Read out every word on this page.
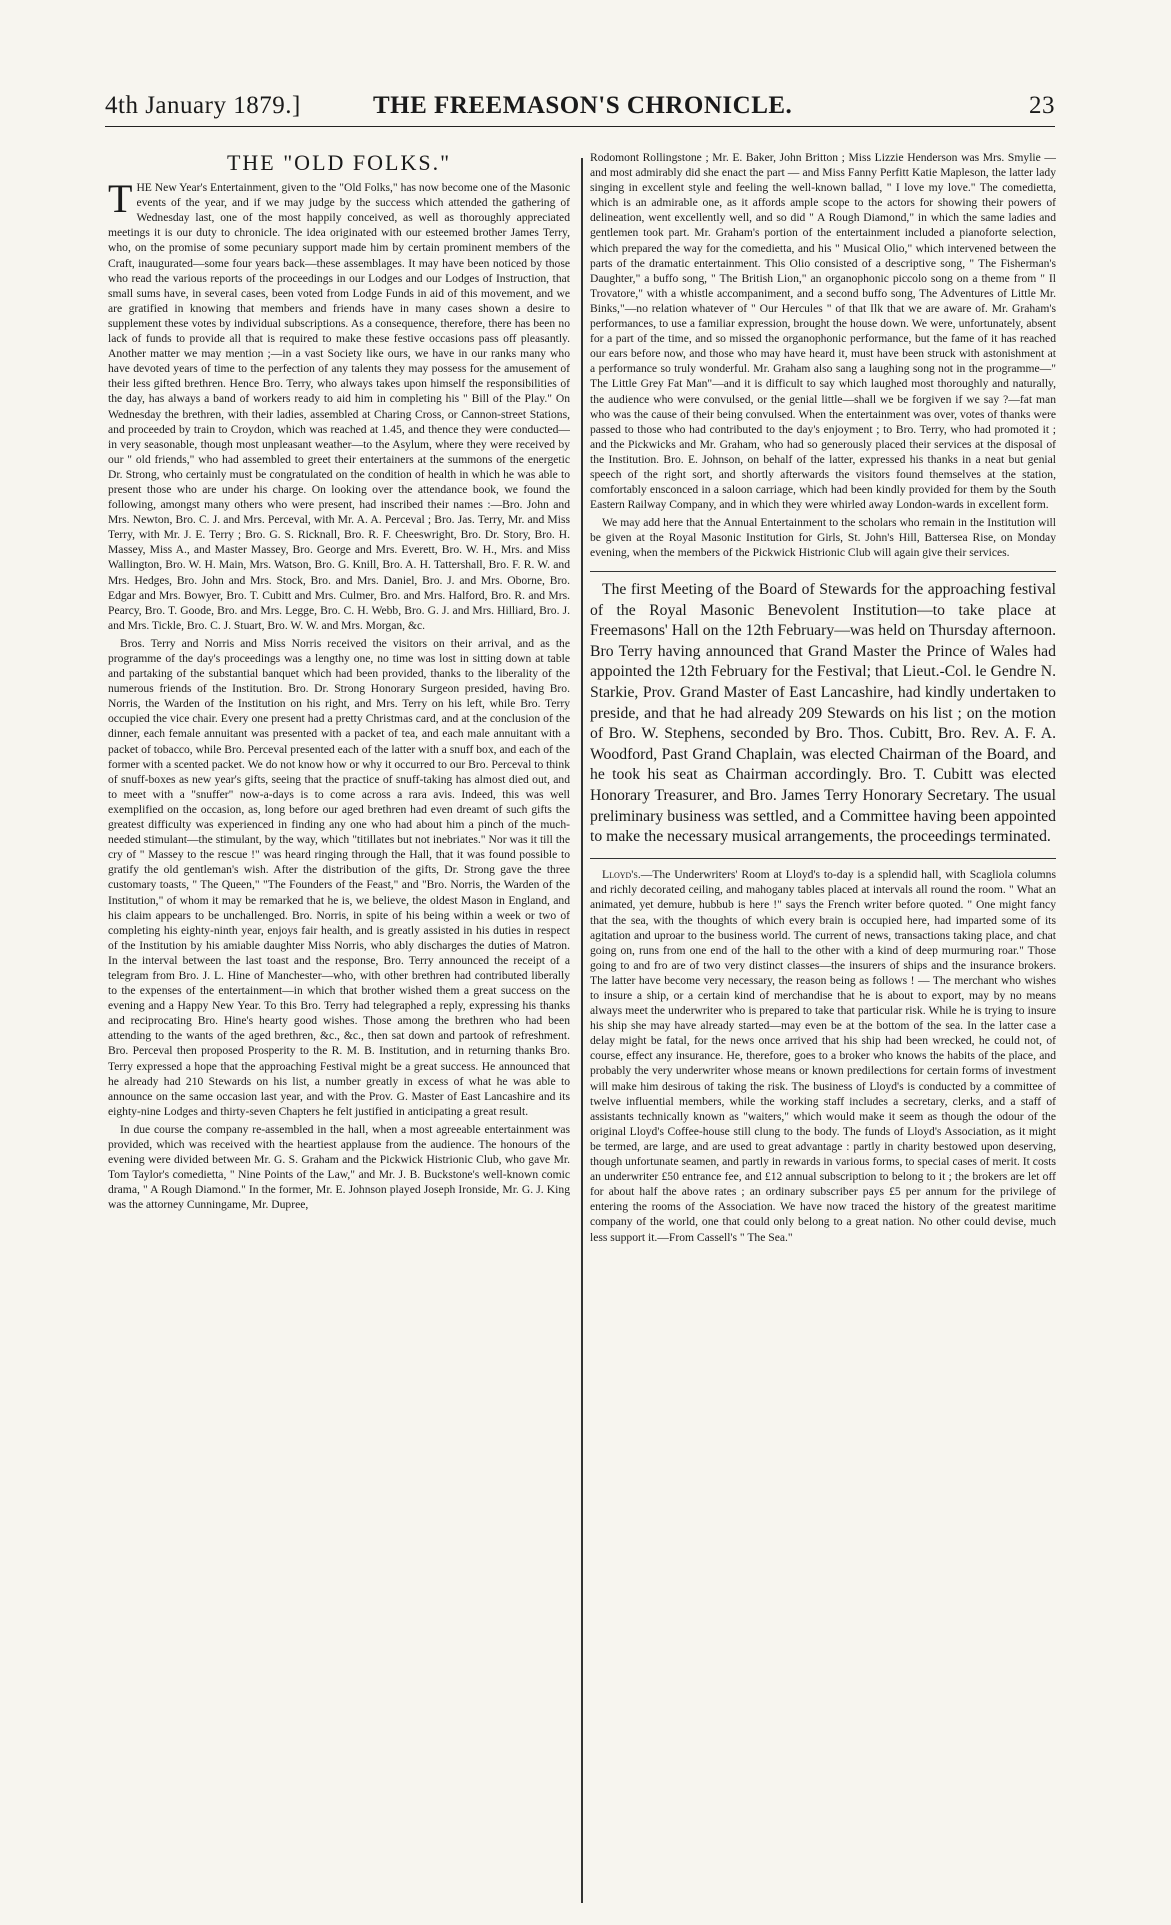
4th January 1879.]	THE FREEMASON'S CHRONICLE.	23
THE "OLD FOLKS."

THE New Year's Entertainment, given to the "Old Folks," has now become one of the Masonic events of the year, and if we may judge by the success which attended the gathering of Wednesday last, one of the most happily conceived, as well as thoroughly appreciated meetings it is our duty to chronicle. The idea originated with our esteemed brother James Terry, who, on the promise of some pecuniary support made him by certain prominent members of the Craft, inaugurated—some four years back—these assemblages. It may have been noticed by those who read the various reports of the proceedings in our Lodges and our Lodges of Instruction, that small sums have, in several cases, been voted from Lodge Funds in aid of this movement, and we are gratified in knowing that members and friends have in many cases shown a desire to supplement these votes by individual subscriptions. As a consequence, therefore, there has been no lack of funds to provide all that is required to make these festive occasions pass off pleasantly. Another matter we may mention ;—in a vast Society like ours, we have in our ranks many who have devoted years of time to the perfection of any talents they may possess for the amusement of their less gifted brethren. Hence Bro. Terry, who always takes upon himself the responsibilities of the day, has always a band of workers ready to aid him in completing his " Bill of the Play." On Wednesday the brethren, with their ladies, assembled at Charing Cross, or Cannon-street Stations, and proceeded by train to Croydon, which was reached at 1.45, and thence they were conducted—in very seasonable, though most unpleasant weather—to the Asylum, where they were received by our " old friends," who had assembled to greet their entertainers at the summons of the energetic Dr. Strong, who certainly must be congratulated on the condition of health in which he was able to present those who are under his charge. On looking over the attendance book, we found the following, amongst many others who were present, had inscribed their names :—Bro. John and Mrs. Newton, Bro. C. J. and Mrs. Perceval, with Mr. A. A. Perceval ; Bro. Jas. Terry, Mr. and Miss Terry, with Mr. J. E. Terry ; Bro. G. S. Ricknall, Bro. R. F. Cheeswright, Bro. Dr. Story, Bro. H. Massey, Miss A., and Master Massey, Bro. George and Mrs. Everett, Bro. W. H., Mrs. and Miss Wallington, Bro. W. H. Main, Mrs. Watson, Bro. G. Knill, Bro. A. H. Tattershall, Bro. F. R. W. and Mrs. Hedges, Bro. John and Mrs. Stock, Bro. and Mrs. Daniel, Bro. J. and Mrs. Oborne, Bro. Edgar and Mrs. Bowyer, Bro. T. Cubitt and Mrs. Culmer, Bro. and Mrs. Halford, Bro. R. and Mrs. Pearcy, Bro. T. Goode, Bro. and Mrs. Legge, Bro. C. H. Webb, Bro. G. J. and Mrs. Hilliard, Bro. J. and Mrs. Tickle, Bro. C. J. Stuart, Bro. W. W. and Mrs. Morgan, &c.

Bros. Terry and Norris and Miss Norris received the visitors on their arrival, and as the programme of the day's proceedings was a lengthy one, no time was lost in sitting down at table and partaking of the substantial banquet which had been provided, thanks to the liberality of the numerous friends of the Institution. Bro. Dr. Strong Honorary Surgeon presided, having Bro. Norris, the Warden of the Institution on his right, and Mrs. Terry on his left, while Bro. Terry occupied the vice chair. Every one present had a pretty Christmas card, and at the conclusion of the dinner, each female annuitant was presented with a packet of tea, and each male annuitant with a packet of tobacco, while Bro. Perceval presented each of the latter with a snuff box, and each of the former with a scented packet. We do not know how or why it occurred to our Bro. Perceval to think of snuff-boxes as new year's gifts, seeing that the practice of snuff-taking has almost died out, and to meet with a "snuffer" now-a-days is to come across a rara avis. Indeed, this was well exemplified on the occasion, as, long before our aged brethren had even dreamt of such gifts the greatest difficulty was experienced in finding any one who had about him a pinch of the much-needed stimulant—the stimulant, by the way, which "titillates but not inebriates." Nor was it till the cry of " Massey to the rescue !" was heard ringing through the Hall, that it was found possible to gratify the old gentleman's wish. After the distribution of the gifts, Dr. Strong gave the three customary toasts, " The Queen," "The Founders of the Feast," and "Bro. Norris, the Warden of the Institution," of whom it may be remarked that he is, we believe, the oldest Mason in England, and his claim appears to be unchallenged. Bro. Norris, in spite of his being within a week or two of completing his eighty-ninth year, enjoys fair health, and is greatly assisted in his duties in respect of the Institution by his amiable daughter Miss Norris, who ably discharges the duties of Matron. In the interval between the last toast and the response, Bro. Terry announced the receipt of a telegram from Bro. J. L. Hine of Manchester—who, with other brethren had contributed liberally to the expenses of the entertainment—in which that brother wished them a great success on the evening and a Happy New Year. To this Bro. Terry had telegraphed a reply, expressing his thanks and reciprocating Bro. Hine's hearty good wishes. Those among the brethren who had been attending to the wants of the aged brethren, &c., &c., then sat down and partook of refreshment. Bro. Perceval then proposed Prosperity to the R. M. B. Institution, and in returning thanks Bro. Terry expressed a hope that the approaching Festival might be a great success. He announced that he already had 210 Stewards on his list, a number greatly in excess of what he was able to announce on the same occasion last year, and with the Prov. G. Master of East Lancashire and its eighty-nine Lodges and thirty-seven Chapters he felt justified in anticipating a great result.

In due course the company re-assembled in the hall, when a most agreeable entertainment was provided, which was received with the heartiest applause from the audience. The honours of the evening were divided between Mr. G. S. Graham and the Pickwick Histrionic Club, who gave Mr. Tom Taylor's comedietta, " Nine Points of the Law," and Mr. J. B. Buckstone's well-known comic drama, " A Rough Diamond." In the former, Mr. E. Johnson played Joseph Ironside, Mr. G. J. King was the attorney Cunningame, Mr. Dupree,

Rodomont Rollingstone ; Mr. E. Baker, John Britton ; Miss Lizzie Henderson was Mrs. Smylie — and most admirably did she enact the part — and Miss Fanny Perfitt Katie Mapleson, the latter lady singing in excellent style and feeling the well-known ballad, " I love my love." The comedietta, which is an admirable one, as it affords ample scope to the actors for showing their powers of delineation, went excellently well, and so did " A Rough Diamond," in which the same ladies and gentlemen took part. Mr. Graham's portion of the entertainment included a pianoforte selection, which prepared the way for the comedietta, and his " Musical Olio," which intervened between the parts of the dramatic entertainment. This Olio consisted of a descriptive song, " The Fisherman's Daughter," a buffo song, " The British Lion," an organophonic piccolo song on a theme from " Il Trovatore," with a whistle accompaniment, and a second buffo song, The Adventures of Little Mr. Binks,"—no relation whatever of " Our Hercules " of that Ilk that we are aware of. Mr. Graham's performances, to use a familiar expression, brought the house down. We were, unfortunately, absent for a part of the time, and so missed the organophonic performance, but the fame of it has reached our ears before now, and those who may have heard it, must have been struck with astonishment at a performance so truly wonderful. Mr. Graham also sang a laughing song not in the programme—" The Little Grey Fat Man"—and it is difficult to say which laughed most thoroughly and naturally, the audience who were convulsed, or the genial little—shall we be forgiven if we say ?—fat man who was the cause of their being convulsed. When the entertainment was over, votes of thanks were passed to those who had contributed to the day's enjoyment ; to Bro. Terry, who had promoted it ; and the Pickwicks and Mr. Graham, who had so generously placed their services at the disposal of the Institution. Bro. E. Johnson, on behalf of the latter, expressed his thanks in a neat but genial speech of the right sort, and shortly afterwards the visitors found themselves at the station, comfortably ensconced in a saloon carriage, which had been kindly provided for them by the South Eastern Railway Company, and in which they were whirled away London-wards in excellent form.

We may add here that the Annual Entertainment to the scholars who remain in the Institution will be given at the Royal Masonic Institution for Girls, St. John's Hill, Battersea Rise, on Monday evening, when the members of the Pickwick Histrionic Club will again give their services.

The first Meeting of the Board of Stewards for the approaching festival of the Royal Masonic Benevolent Institution—to take place at Freemasons' Hall on the 12th February—was held on Thursday afternoon. Bro Terry having announced that Grand Master the Prince of Wales had appointed the 12th February for the Festival; that Lieut.-Col. le Gendre N. Starkie, Prov. Grand Master of East Lancashire, had kindly undertaken to preside, and that he had already 209 Stewards on his list ; on the motion of Bro. W. Stephens, seconded by Bro. Thos. Cubitt, Bro. Rev. A. F. A. Woodford, Past Grand Chaplain, was elected Chairman of the Board, and he took his seat as Chairman accordingly. Bro. T. Cubitt was elected Honorary Treasurer, and Bro. James Terry Honorary Secretary. The usual preliminary business was settled, and a Committee having been appointed to make the necessary musical arrangements, the proceedings terminated.

Lloyd's.—The Underwriters' Room at Lloyd's to-day is a splendid hall, with Scagliola columns and richly decorated ceiling, and mahogany tables placed at intervals all round the room. " What an animated, yet demure, hubbub is here !" says the French writer before quoted. " One might fancy that the sea, with the thoughts of which every brain is occupied here, had imparted some of its agitation and uproar to the business world. The current of news, transactions taking place, and chat going on, runs from one end of the hall to the other with a kind of deep murmuring roar." Those going to and fro are of two very distinct classes—the insurers of ships and the insurance brokers. The latter have become very necessary, the reason being as follows ! — The merchant who wishes to insure a ship, or a certain kind of merchandise that he is about to export, may by no means always meet the underwriter who is prepared to take that particular risk. While he is trying to insure his ship she may have already started—may even be at the bottom of the sea. In the latter case a delay might be fatal, for the news once arrived that his ship had been wrecked, he could not, of course, effect any insurance. He, therefore, goes to a broker who knows the habits of the place, and probably the very underwriter whose means or known predilections for certain forms of investment will make him desirous of taking the risk. The business of Lloyd's is conducted by a committee of twelve influential members, while the working staff includes a secretary, clerks, and a staff of assistants technically known as "waiters," which would make it seem as though the odour of the original Lloyd's Coffee-house still clung to the body. The funds of Lloyd's Association, as it might be termed, are large, and are used to great advantage : partly in charity bestowed upon deserving, though unfortunate seamen, and partly in rewards in various forms, to special cases of merit. It costs an underwriter £50 entrance fee, and £12 annual subscription to belong to it ; the brokers are let off for about half the above rates ; an ordinary subscriber pays £5 per annum for the privilege of entering the rooms of the Association. We have now traced the history of the greatest maritime company of the world, one that could only belong to a great nation. No other could devise, much less support it.—From Cassell's " The Sea."
